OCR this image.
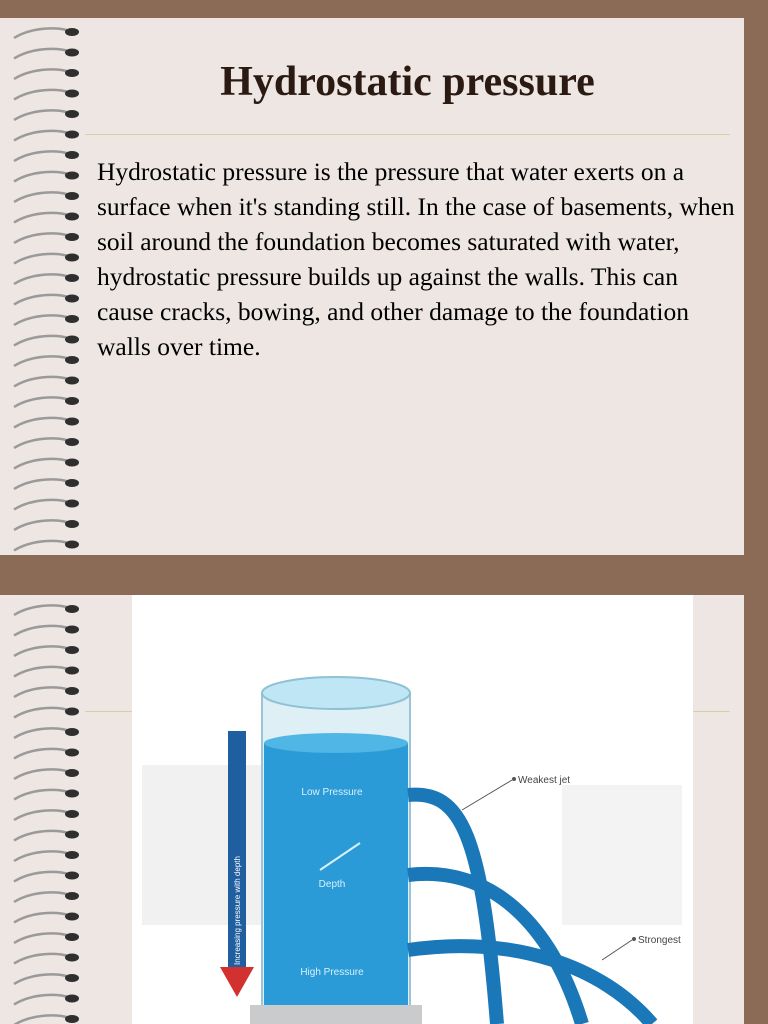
Hydrostatic pressure
Hydrostatic pressure is the pressure that water exerts on a surface when it's standing still. In the case of basements, when soil around the foundation becomes saturated with water, hydrostatic pressure builds up against the walls. This can cause cracks, bowing, and other damage to the foundation walls over time.
Increasing pressure with depth
Low Pressure
Depth
High Pressure
Weakest jet
Strongest
